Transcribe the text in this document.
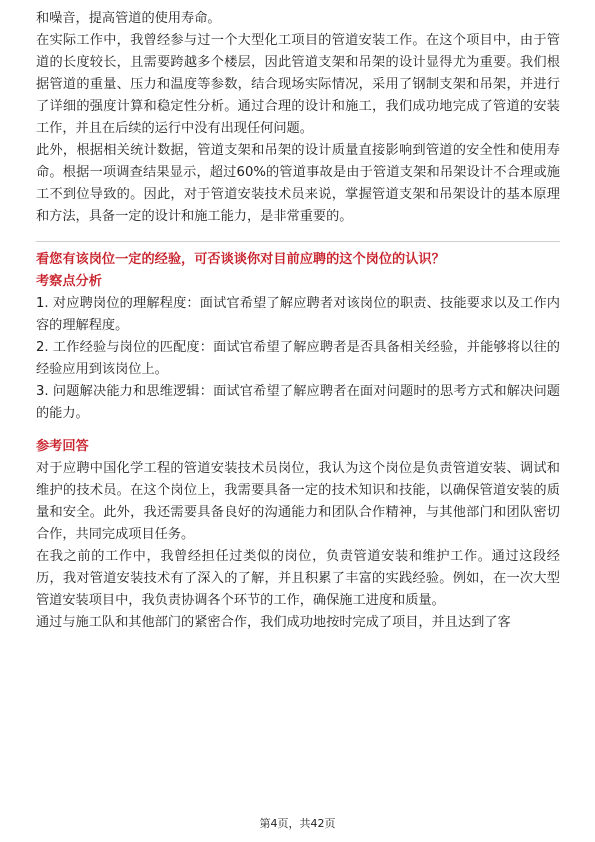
和噪音，提高管道的使用寿命。

在实际工作中，我曾经参与过一个大型化工项目的管道安装工作。在这个项目中，由于管道的长度较长，且需要跨越多个楼层，因此管道支架和吊架的设计显得尤为重要。我们根据管道的重量、压力和温度等参数，结合现场实际情况，采用了钢制支架和吊架，并进行了详细的强度计算和稳定性分析。通过合理的设计和施工，我们成功地完成了管道的安装工作，并且在后续的运行中没有出现任何问题。

此外，根据相关统计数据，管道支架和吊架的设计质量直接影响到管道的安全性和使用寿命。根据一项调查结果显示，超过60%的管道事故是由于管道支架和吊架设计不合理或施工不到位导致的。因此，对于管道安装技术员来说，掌握管道支架和吊架设计的基本原理和方法，具备一定的设计和施工能力，是非常重要的。

看您有该岗位一定的经验，可否谈谈你对目前应聘的这个岗位的认识？

考察点分析

1. 对应聘岗位的理解程度：面试官希望了解应聘者对该岗位的职责、技能要求以及工作内容的理解程度。

2. 工作经验与岗位的匹配度：面试官希望了解应聘者是否具备相关经验，并能够将以往的经验应用到该岗位上。

3. 问题解决能力和思维逻辑：面试官希望了解应聘者在面对问题时的思考方式和解决问题的能力。

参考回答

对于应聘中国化学工程的管道安装技术员岗位，我认为这个岗位是负责管道安装、调试和维护的技术员。在这个岗位上，我需要具备一定的技术知识和技能，以确保管道安装的质量和安全。此外，我还需要具备良好的沟通能力和团队合作精神，与其他部门和团队密切合作，共同完成项目任务。

在我之前的工作中，我曾经担任过类似的岗位，负责管道安装和维护工作。通过这段经历，我对管道安装技术有了深入的了解，并且积累了丰富的实践经验。例如，在一次大型管道安装项目中，我负责协调各个环节的工作，确保施工进度和质量。

通过与施工队和其他部门的紧密合作，我们成功地按时完成了项目，并且达到了客

第4页，共42页
